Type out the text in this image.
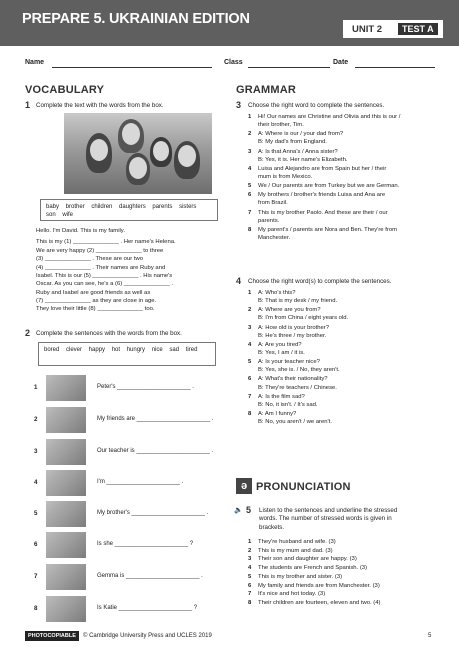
PREPARE 5. UKRAINIAN EDITION
UNIT 2	TEST A
Name	Class	Date
VOCABULARY
1 Complete the text with the words from the box.
baby brother children daughters parents sisters son wife
Hello. I'm David. This is my family.
This is my (1) ______________ . Her name's Helena.
We are very happy (2) ______________ to three
(3) ______________ . These are our two
(4) ______________ . Their names are Ruby and
Isabel. This is our (5) ______________ . His name's
Oscar. As you can see, he's a (6) ______________ .
Ruby and Isabel are good friends as well as
(7) ______________ as they are close in age.
They love their little (8) ______________ too.
2 Complete the sentences with the words from the box.
bored clever happy hot hungry nice sad tired
1	Peter's ______________________ .
2	My friends are ______________________ .
3	Our teacher is ______________________ .
4	I'm ______________________ .
5	My brother's ______________________ .
6	Is she ______________________ ?
7	Gemma is ______________________ .
8	Is Katie ______________________ ?
GRAMMAR
3 Choose the right word to complete the sentences.
1 Hi! Our names are Christine and Olivia and this is our /
their brother, Tim.
2 A: Where is our / your dad from?
B: My dad's from England.
3 A: Is that Anna's / Anna sister?
B: Yes, it is. Her name's Elizabeth.
4 Luisa and Alejandro are from Spain but her / their
mum is from Mexico.
5 We / Our parents are from Turkey but we are German.
6 My brothers / brother's friends Luisa and Ana are
from Brazil.
7 This is my brother Paolo. And these are their / our
parents.
8 My parent's / parents are Nora and Ben. They're from
Manchester.
4 Choose the right word(s) to complete the sentences.
1 A: Who's this?
B: That is my desk / my friend.
2 A: Where are you from?
B: I'm from China / eight years old.
3 A: How old is your brother?
B: He's three / my brother.
4 A: Are you tired?
B: Yes, I am / it is.
5 A: Is your teacher nice?
B: Yes, she is. / No, they aren't.
6 A: What's their nationality?
B: They're teachers / Chinese.
7 A: Is the film sad?
B: No, it isn't. / It's sad.
8 A: Am I funny?
B: No, you aren't / we aren't.
ə PRONUNCIATION
🔈 5 Listen to the sentences and underline the stressed
words. The number of stressed words is given in
brackets.
1 They're husband and wife. (3)
2 This is my mum and dad. (3)
3 Their son and daughter are happy. (3)
4 The students are French and Spanish. (3)
5 This is my brother and sister. (3)
6 My family and friends are from Manchester. (3)
7 It's nice and hot today. (3)
8 Their children are fourteen, eleven and two. (4)
PHOTOCOPIABLE	© Cambridge University Press and UCLES 2019	5
